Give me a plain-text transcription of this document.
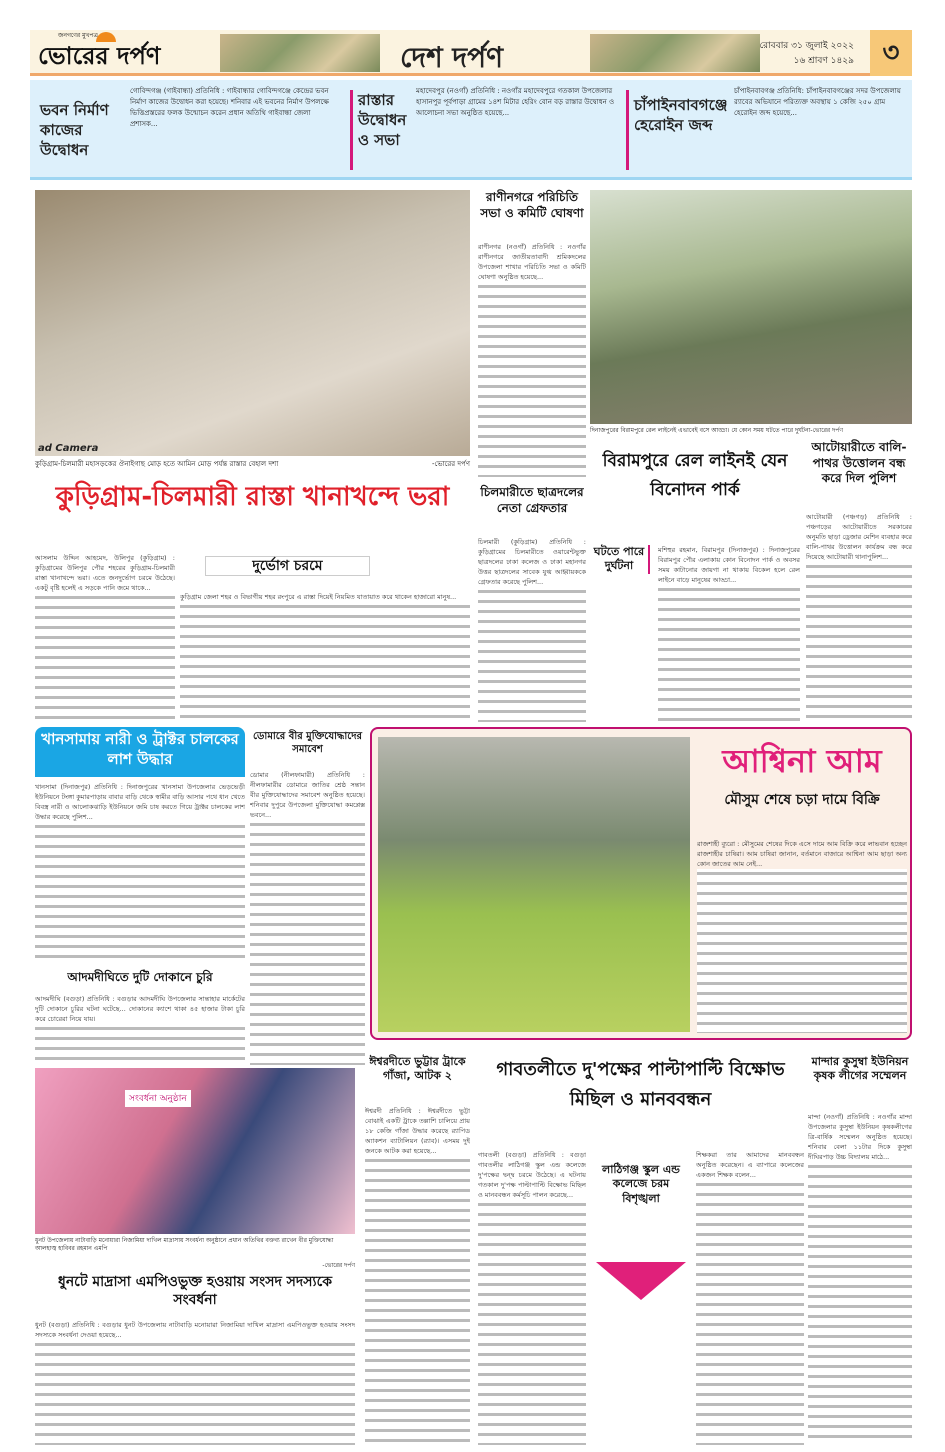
জনগণের মুখপত্র
ভোরের দর্পণ	দেশ দর্পণ	রোববার ৩১ জুলাই ২০২২
১৬ শ্রাবণ ১৪২৯	৩
ভবন নির্মাণ কাজের উদ্বোধন
গোবিন্দগঞ্জ (গাইবান্ধা) প্রতিনিধি : গাইবান্ধার গোবিন্দগঞ্জে কেন্দ্রের ভবন নির্মাণ কাজের উদ্বোধন করা হয়েছে। শনিবার এই ভবনের নির্মাণ উপলক্ষে ভিত্তিপ্রস্তরের ফলক উন্মোচন করেন প্রধান অতিথি গাইবান্ধা জেলা প্রশাসক...
রাস্তার উদ্বোধন ও সভা
মহাদেবপুর (নওগাঁ) প্রতিনিধি : নওগাঁর মহাদেবপুরে গতকাল উপজেলার হাসানপুর পূর্বপাড়া গ্রামের ১৪শ মিটার হেরিং বোন বড় রাস্তার উদ্বোধন ও আলোচনা সভা অনুষ্ঠিত হয়েছে...	চাঁপাইনবাবগঞ্জে হেরোইন জব্দ
চাঁপাইনবাবগঞ্জ প্রতিনিধি: চাঁপাইনবাবগঞ্জের সদর উপজেলায় র‍্যাবের অভিযানে পরিত্যক্ত অবস্থায় ১ কেজি ২৫০ গ্রাম হেরোইন জব্দ হয়েছে...
ad Camera
কুড়িগ্রাম-চিলমারী মহাসড়কের ঔনাইগাছ মোড় হতে আমিন মোড় পর্যন্ত রাস্তার বেহাল দশা	-ভোরের দর্পণ
কুড়িগ্রাম-চিলমারী রাস্তা খানাখন্দে ভরা
আসলাম উদ্দিন আহমেদ, উলিপুর (কুড়িগ্রাম) : কুড়িগ্রামের উলিপুর পৌর শহরের কুড়িগ্রাম-চিলমারী রাস্তা খানাখন্দে ভরা। এতে জনদুর্ভোগ চরমে উঠেছে। একটু বৃষ্টি হলেই এ সড়কে পানি জমে থাকে...
দুর্ভোগ চরমে
কুড়িগ্রাম জেলা শহর ও বিভাগীয় শহর রংপুরে এ রাস্তা দিয়েই নিয়মিত যাতায়াত করে থাকেন হাজারো মানুষ...
রাণীনগরে পরিচিতি সভা ও কমিটি ঘোষণা
রাণীনগর (নওগাঁ) প্রতিনিধি : নওগাঁর রাণীনগরে জাতীয়তাবাদী শ্রমিকদলের উপজেলা শাখার পরিচিতি সভা ও কমিটি ঘোষণা অনুষ্ঠিত হয়েছে...
চিলমারীতে ছাত্রদলের নেতা গ্রেফতার
চিলমারী (কুড়িগ্রাম) প্রতিনিধি : কুড়িগ্রামের চিলমারীতে ওয়ারেন্টভুক্ত ছাত্রদলের ঢাকা কলেজ ও ঢাকা মহানগর উত্তর ছাত্রদলের সাবেক যুগ্ম আহ্বায়ককে গ্রেফতার করেছে পুলিশ...
দিনাজপুরের বিরামপুরে রেল লাইনেই এভাবেই বসে আড্ডা। যে কোন সময় ঘটতে পারে দুর্ঘটনা-ভোরের দর্পণ
বিরামপুরে রেল লাইনই যেন বিনোদন পার্ক
ঘটতে পারে দুর্ঘটনা
মশিহুর রহমান, বিরামপুর (দিনাজপুর) : দিনাজপুরের বিরামপুর পৌর এলাকায় কোন বিনোদন পার্ক ও অবসর সময় কাটানোর জায়গা না থাকায় বিকেল হলে রেল লাইনে বাড়ে মানুষের আড্ডা...
আটোয়ারীতে বালি-পাথর উত্তোলন বন্ধ করে দিল পুলিশ
আটোয়ারী (পঞ্চগড়) প্রতিনিধি : পঞ্চগড়ের আটোয়ারীতে সরকারের অনুমতি ছাড়া ড্রেজার মেশিন ব্যবহার করে বালি-পাথর উত্তোলন কার্যক্রম বন্ধ করে দিয়েছে আটোয়ারী থানাপুলিশ...
খানসামায় নারী ও ট্রাক্টর চালকের লাশ উদ্ধার
খানসামা (দিনাজপুর) প্রতিনিধি : দিনাজপুরের খানসামা উপজেলার ভেড়ভেড়ী ইউনিয়নে টংঙ্গা কুমারপাড়ায় বাবার বাড়ি থেকে স্বামীর বাড়ি আসার পথে ধান খেতে বিবস্ত্র নারী ও আলোকঝাড়ি ইউনিয়নে জমি চাষ করতে গিয়ে ট্রাক্টর চালকের লাশ উদ্ধার করেছে পুলিশ...
আদমদীঘিতে দুটি দোকানে চুরি
আদমদীঘি (বগুড়া) প্রতিনিধি : বগুড়ার আদমদীঘি উপজেলার সান্তাহার মার্কেটের দুটি দোকানে চুরির ঘটনা ঘটেছে... দোকানের ক্যাশে থাকা ৪৫ হাজার টাকা চুরি করে চোরেরা নিয়ে যায়।
ডোমারে বীর মুক্তিযোদ্ধাদের সমাবেশ
ডোমার (নীলফামারী) প্রতিনিধি : নীলফামারীর ডোমারে জাতির শ্রেষ্ঠ সন্তান বীর মুক্তিযোদ্ধাদের সমাবেশ অনুষ্ঠিত হয়েছে। শনিবার দুপুরে উপজেলা মুক্তিযোদ্ধা কমপ্লেক্স ভবনে...
আশ্বিনা আম
মৌসুম শেষে চড়া দামে বিক্রি
রাজশাহী ব্যুরো : মৌসুমের শেষের দিকে এসে দামে আম বিক্রি করে লাভবান হচ্ছেন রাজশাহীর চাষিরা। আম চাষিরা জানান, বর্তমানে বাজারে আশ্বিনা আম ছাড়া অন্য কোন জাতের আম নেই...
সংবর্ধনা অনুষ্ঠান
ধুনট উপজেলায় নাটাবাড়ি মনোয়ারা নিজামিয়া দাখিল মাদ্রাসায় সংবর্ধনা অনুষ্ঠানে প্রধান অতিথির বক্তব্য রাখেন বীর মুক্তিযোদ্ধা আলহাজ্ব হাবিবর রহমান এমপি
-ভোরের দর্পণ
ধুনটে মাদ্রাসা এমপিওভুক্ত হওয়ায় সংসদ সদস্যকে সংবর্ধনা
ধুনট (বগুড়া) প্রতিনিধি : বগুড়ার ধুনট উপজেলায় নাটাবাড়ি মনোয়ারা নিজামিয়া দাখিল মাদ্রাসা এমপিওভুক্ত হওয়ায় সংসদ সদস্যকে সংবর্ধনা দেওয়া হয়েছে...
ঈশ্বরদীতে ভুট্টার ট্রাকে গাঁজা, আটক ২
ঈশ্বরদী প্রতিনিধি : ঈশ্বরদীতে ভুট্টা বোঝাই একটি ট্রাকে তল্লাশি চালিয়ে প্রায় ১৮ কেজি গাঁজা উদ্ধার করেছে র‍্যাপিড অ্যাকশন ব্যাটালিয়ন (র‍্যাব)। এসময় দুই জনকে আটক করা হয়েছে...
গাবতলীতে দু'পক্ষের পাল্টাপাল্টি বিক্ষোভ মিছিল ও মানববন্ধন
গাবতলী (বগুড়া) প্রতিনিধি : বগুড়া গাবতলীর লাঠিগঞ্জ স্কুল এন্ড কলেজে দু'পক্ষের দ্বন্দ্ব চরমে উঠেছে। এ ঘটনায় গতকাল দু'পক্ষ পাল্টাপাল্টি বিক্ষোভ মিছিল ও মানববন্ধন কর্মসূচি পালন করেছে...
লাঠিগঞ্জ স্কুল এন্ড কলেজে চরম বিশৃঙ্খলা
শিক্ষকরা তার আমাদের মানববন্ধন অনুষ্ঠিত করেছেন। এ ব্যাপারে কলেজের একজন শিক্ষক বলেন...
মান্দার কুসুম্বা ইউনিয়ন কৃষক লীগের সম্মেলন
মান্দা (নওগাঁ) প্রতিনিধি : নওগাঁর মান্দা উপজেলার কুসুম্বা ইউনিয়ন কৃষকলীগের ত্রি-বার্ষিক সম্মেলন অনুষ্ঠিত হয়েছে। শনিবার বেলা ১১টার দিকে কুসুম্বা দীঘিরপাড় উচ্চ বিদ্যালয় মাঠে...
